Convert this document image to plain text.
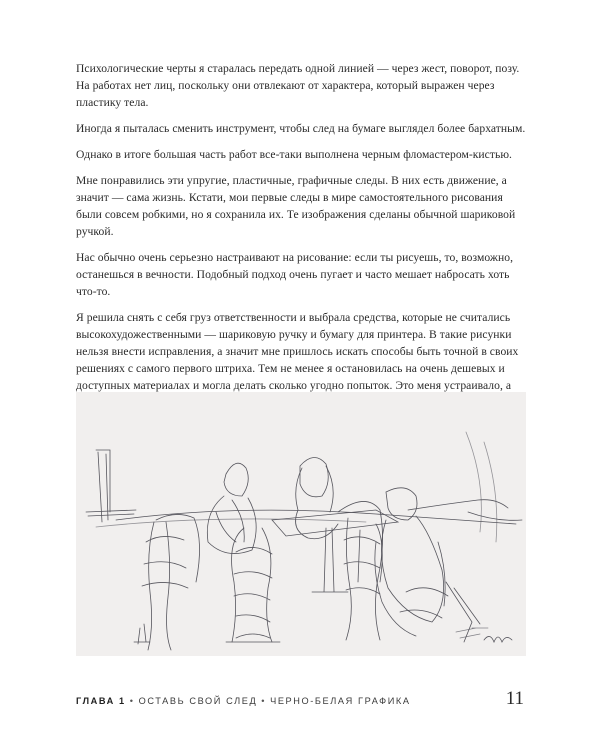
Психологические черты я старалась передать одной линией — через жест, поворот, позу. На работах нет лиц, поскольку они отвлекают от характера, который выражен через пластику тела.

Иногда я пыталась сменить инструмент, чтобы след на бумаге выглядел более бархатным.

Однако в итоге большая часть работ все-таки выполнена черным фломастером-кистью.

Мне понравились эти упругие, пластичные, графичные следы. В них есть движение, а значит — сама жизнь. Кстати, мои первые следы в мире самостоятельного рисования были совсем робкими, но я сохранила их. Те изображения сделаны обычной шариковой ручкой.

Нас обычно очень серьезно настраивают на рисование: если ты рисуешь, то, возможно, останешься в вечности. Подобный подход очень пугает и часто мешает набросать хоть что-то.

Я решила снять с себя груз ответственности и выбрала средства, которые не считались высокохудожественными — шариковую ручку и бумагу для принтера. В такие рисунки нельзя внести исправления, а значит мне пришлось искать способы быть точной в своих решениях с самого первого штриха. Тем не менее я остановилась на очень дешевых и доступных материалах и могла делать сколько угодно попыток. Это меня устраивало, а

ГЛАВА 1 • ОСТАВЬ СВОЙ СЛЕД • ЧЕРНО-БЕЛАЯ ГРАФИКА	11
